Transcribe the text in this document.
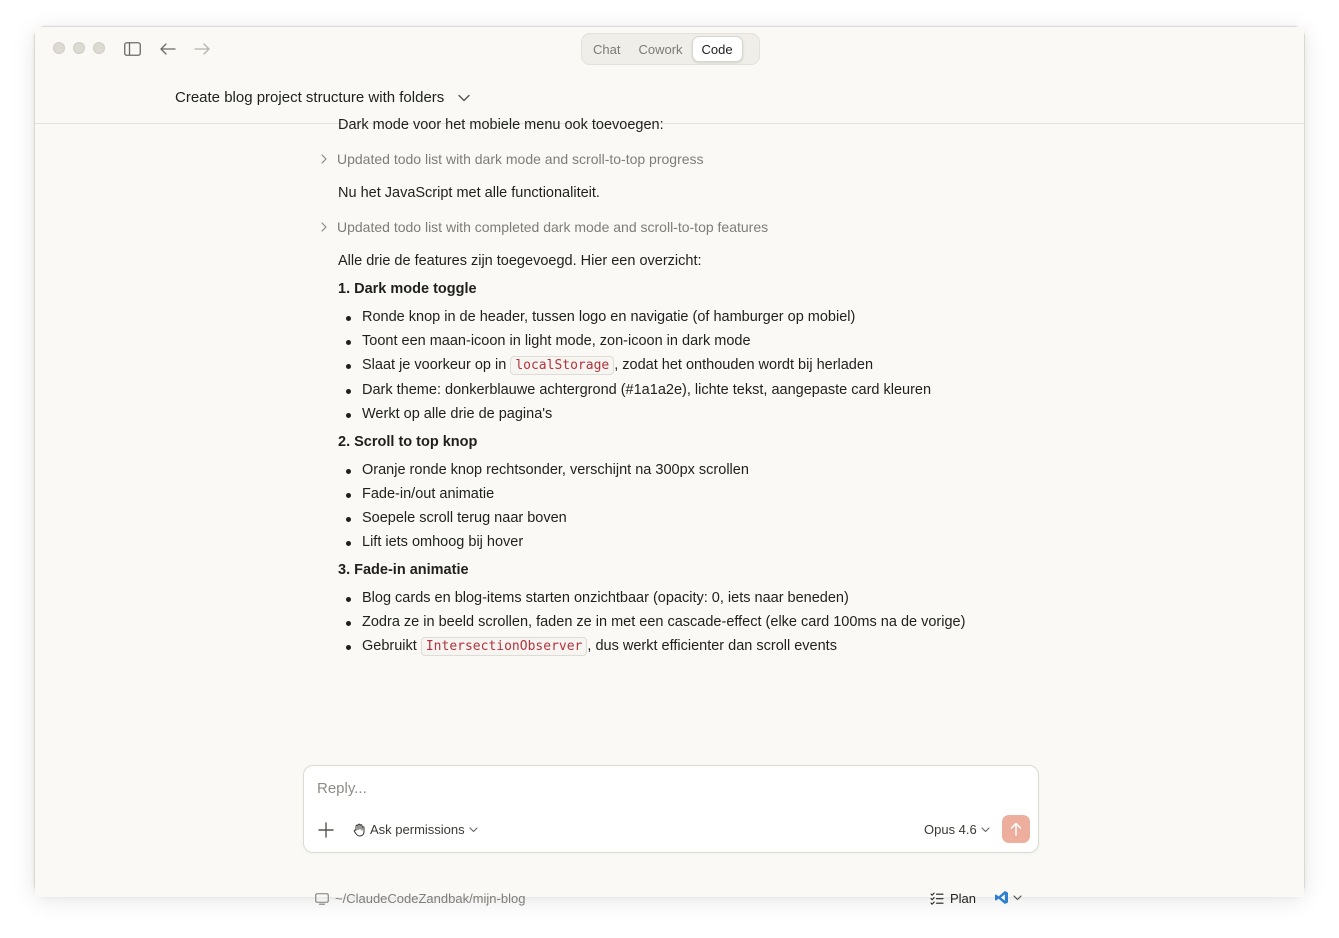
Chat	Cowork	Code
Create blog project structure with folders
Dark mode voor het mobiele menu ook toevoegen:
Updated todo list with dark mode and scroll-to-top progress
Nu het JavaScript met alle functionaliteit.
Updated todo list with completed dark mode and scroll-to-top features
Alle drie de features zijn toegevoegd. Hier een overzicht:
1. Dark mode toggle
Ronde knop in de header, tussen logo en navigatie (of hamburger op mobiel)
Toont een maan-icoon in light mode, zon-icoon in dark mode
Slaat je voorkeur op in localStorage , zodat het onthouden wordt bij herladen
Dark theme: donkerblauwe achtergrond (#1a1a2e), lichte tekst, aangepaste card kleuren
Werkt op alle drie de pagina's
2. Scroll to top knop
Oranje ronde knop rechtsonder, verschijnt na 300px scrollen
Fade-in/out animatie
Soepele scroll terug naar boven
Lift iets omhoog bij hover
3. Fade-in animatie
Blog cards en blog-items starten onzichtbaar (opacity: 0, iets naar beneden)
Zodra ze in beeld scrollen, faden ze in met een cascade-effect (elke card 100ms na de vorige)
Gebruikt IntersectionObserver , dus werkt efficienter dan scroll events
Reply...
Ask permissions	Opus 4.6
~/ClaudeCodeZandbak/mijn-blog	Plan
